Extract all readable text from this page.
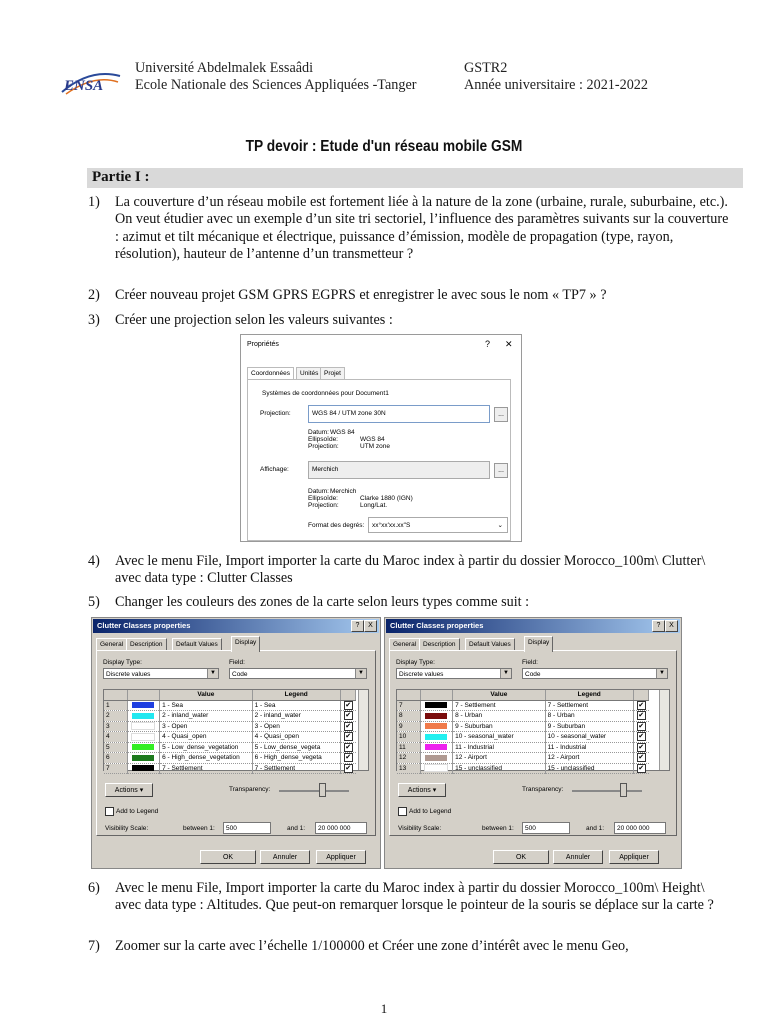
ENSA
Université Abdelmalek Essaâdi
Ecole Nationale des Sciences Appliquées -Tanger
GSTR2
Année universitaire : 2021-2022
TP devoir : Etude d'un réseau mobile GSM
Partie I :
1) La couverture d’un réseau mobile est fortement liée à la nature de la zone (urbaine, rurale, suburbaine, etc.). On veut étudier avec un exemple d’un site tri sectoriel, l’influence des paramètres suivants sur la couverture : azimut et tilt mécanique et électrique, puissance d’émission, modèle de propagation (type, rayon, résolution), hauteur de l’antenne d’un transmetteur ?
2) Créer nouveau projet GSM GPRS EGPRS et enregistrer le avec sous le nom « TP7 » ?
3) Créer une projection selon les valeurs suivantes :
Propriétés	? ✕
Coordonnées	Unités Projet
Systèmes de coordonnées pour Document1
Projection:	WGS 84 / UTM zone 30N	...
Datum: WGS 84
Ellipsoïde:	WGS 84
Projection:	UTM zone
Affichage:	Merchich	...
Datum: Merchich
Ellipsoïde:	Clarke 1880 (IGN)
Projection:	Long/Lat.
Format des degrés:	xx°xx'xx.xx"S	⌄
4) Avec le menu File, Import importer la carte du Maroc index à partir du dossier Morocco_100m\ Clutter\ avec data type : Clutter Classes
5) Changer les couleurs des zones de la carte selon leurs types comme suit :
Clutter Classes properties	?	X
General	Description	Default Values	Display
Display Type:
Discrete values	▼
Field:
Code	▼
		Value	Legend	
1		1 - Sea	1 - Sea	✔
2		2 - inland_water	2 - inland_water	✔
3		3 - Open	3 - Open	✔
4		4 - Quasi_open	4 - Quasi_open	✔
5		5 - Low_dense_vegetation	5 - Low_dense_vegeta	✔
6		6 - High_dense_vegetation	6 - High_dense_vegeta	✔
7		7 - Settlement	7 - Settlement	✔
Actions ▾	Transparency:
Add to Legend
Visibility Scale:	between 1:	500	and 1:	20 000 000
OK	Annuler	Appliquer
Clutter Classes properties	?	X
General	Description	Default Values	Display
Display Type:
Discrete values	▼
Field:
Code	▼
		Value	Legend	
7		7 - Settlement	7 - Settlement	✔
8		8 - Urban	8 - Urban	✔
9		9 - Suburban	9 - Suburban	✔
10		10 - seasonal_water	10 - seasonal_water	✔
11		11 - Industrial	11 - Industrial	✔
12		12 - Airport	12 - Airport	✔
13		15 - unclassified	15 - unclassified	✔
Actions ▾	Transparency:
Add to Legend
Visibility Scale:	between 1:	500	and 1:	20 000 000
OK	Annuler	Appliquer
6) Avec le menu File, Import importer la carte du Maroc index à partir du dossier Morocco_100m\ Height\ avec data type : Altitudes. Que peut-on remarquer lorsque le pointeur de la souris se déplace sur la carte ?
7) Zoomer sur la carte avec l’échelle 1/100000 et Créer une zone d’intérêt avec le menu Geo,
1
